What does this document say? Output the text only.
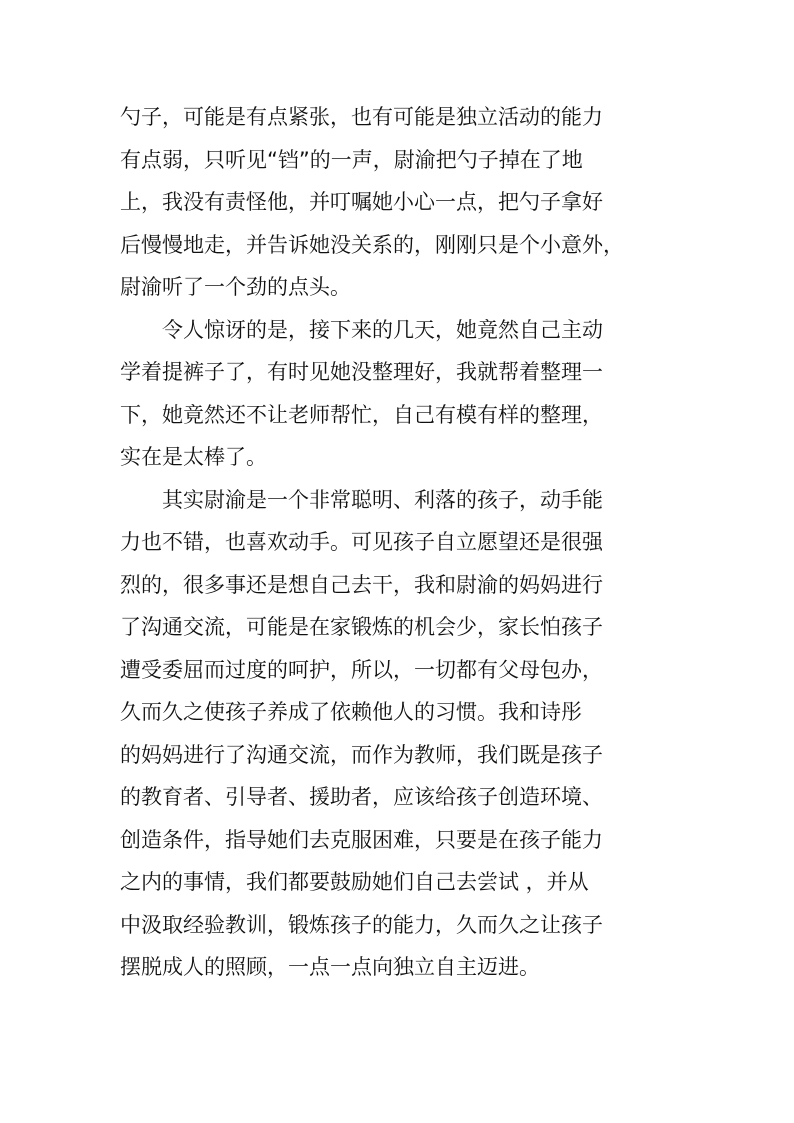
勺子，可能是有点紧张，也有可能是独立活动的能力
有点弱，只听见“铛”的一声，尉渝把勺子掉在了地
上，我没有责怪他，并叮嘱她小心一点，把勺子拿好
后慢慢地走，并告诉她没关系的，刚刚只是个小意外，
尉渝听了一个劲的点头。
令人惊讶的是，接下来的几天，她竟然自己主动
学着提裤子了，有时见她没整理好，我就帮着整理一
下，她竟然还不让老师帮忙，自己有模有样的整理，
实在是太棒了。
其实尉渝是一个非常聪明、利落的孩子，动手能
力也不错，也喜欢动手。可见孩子自立愿望还是很强
烈的，很多事还是想自己去干，我和尉渝的妈妈进行
了沟通交流，可能是在家锻炼的机会少，家长怕孩子
遭受委屈而过度的呵护，所以，一切都有父母包办，
久而久之使孩子养成了依赖他人的习惯。我和诗彤
的妈妈进行了沟通交流，而作为教师，我们既是孩子
的教育者、引导者、援助者，应该给孩子创造环境、
创造条件，指导她们去克服困难，只要是在孩子能力
之内的事情，我们都要鼓励她们自己去尝试 ，并从
中汲取经验教训，锻炼孩子的能力，久而久之让孩子
摆脱成人的照顾，一点一点向独立自主迈进。
